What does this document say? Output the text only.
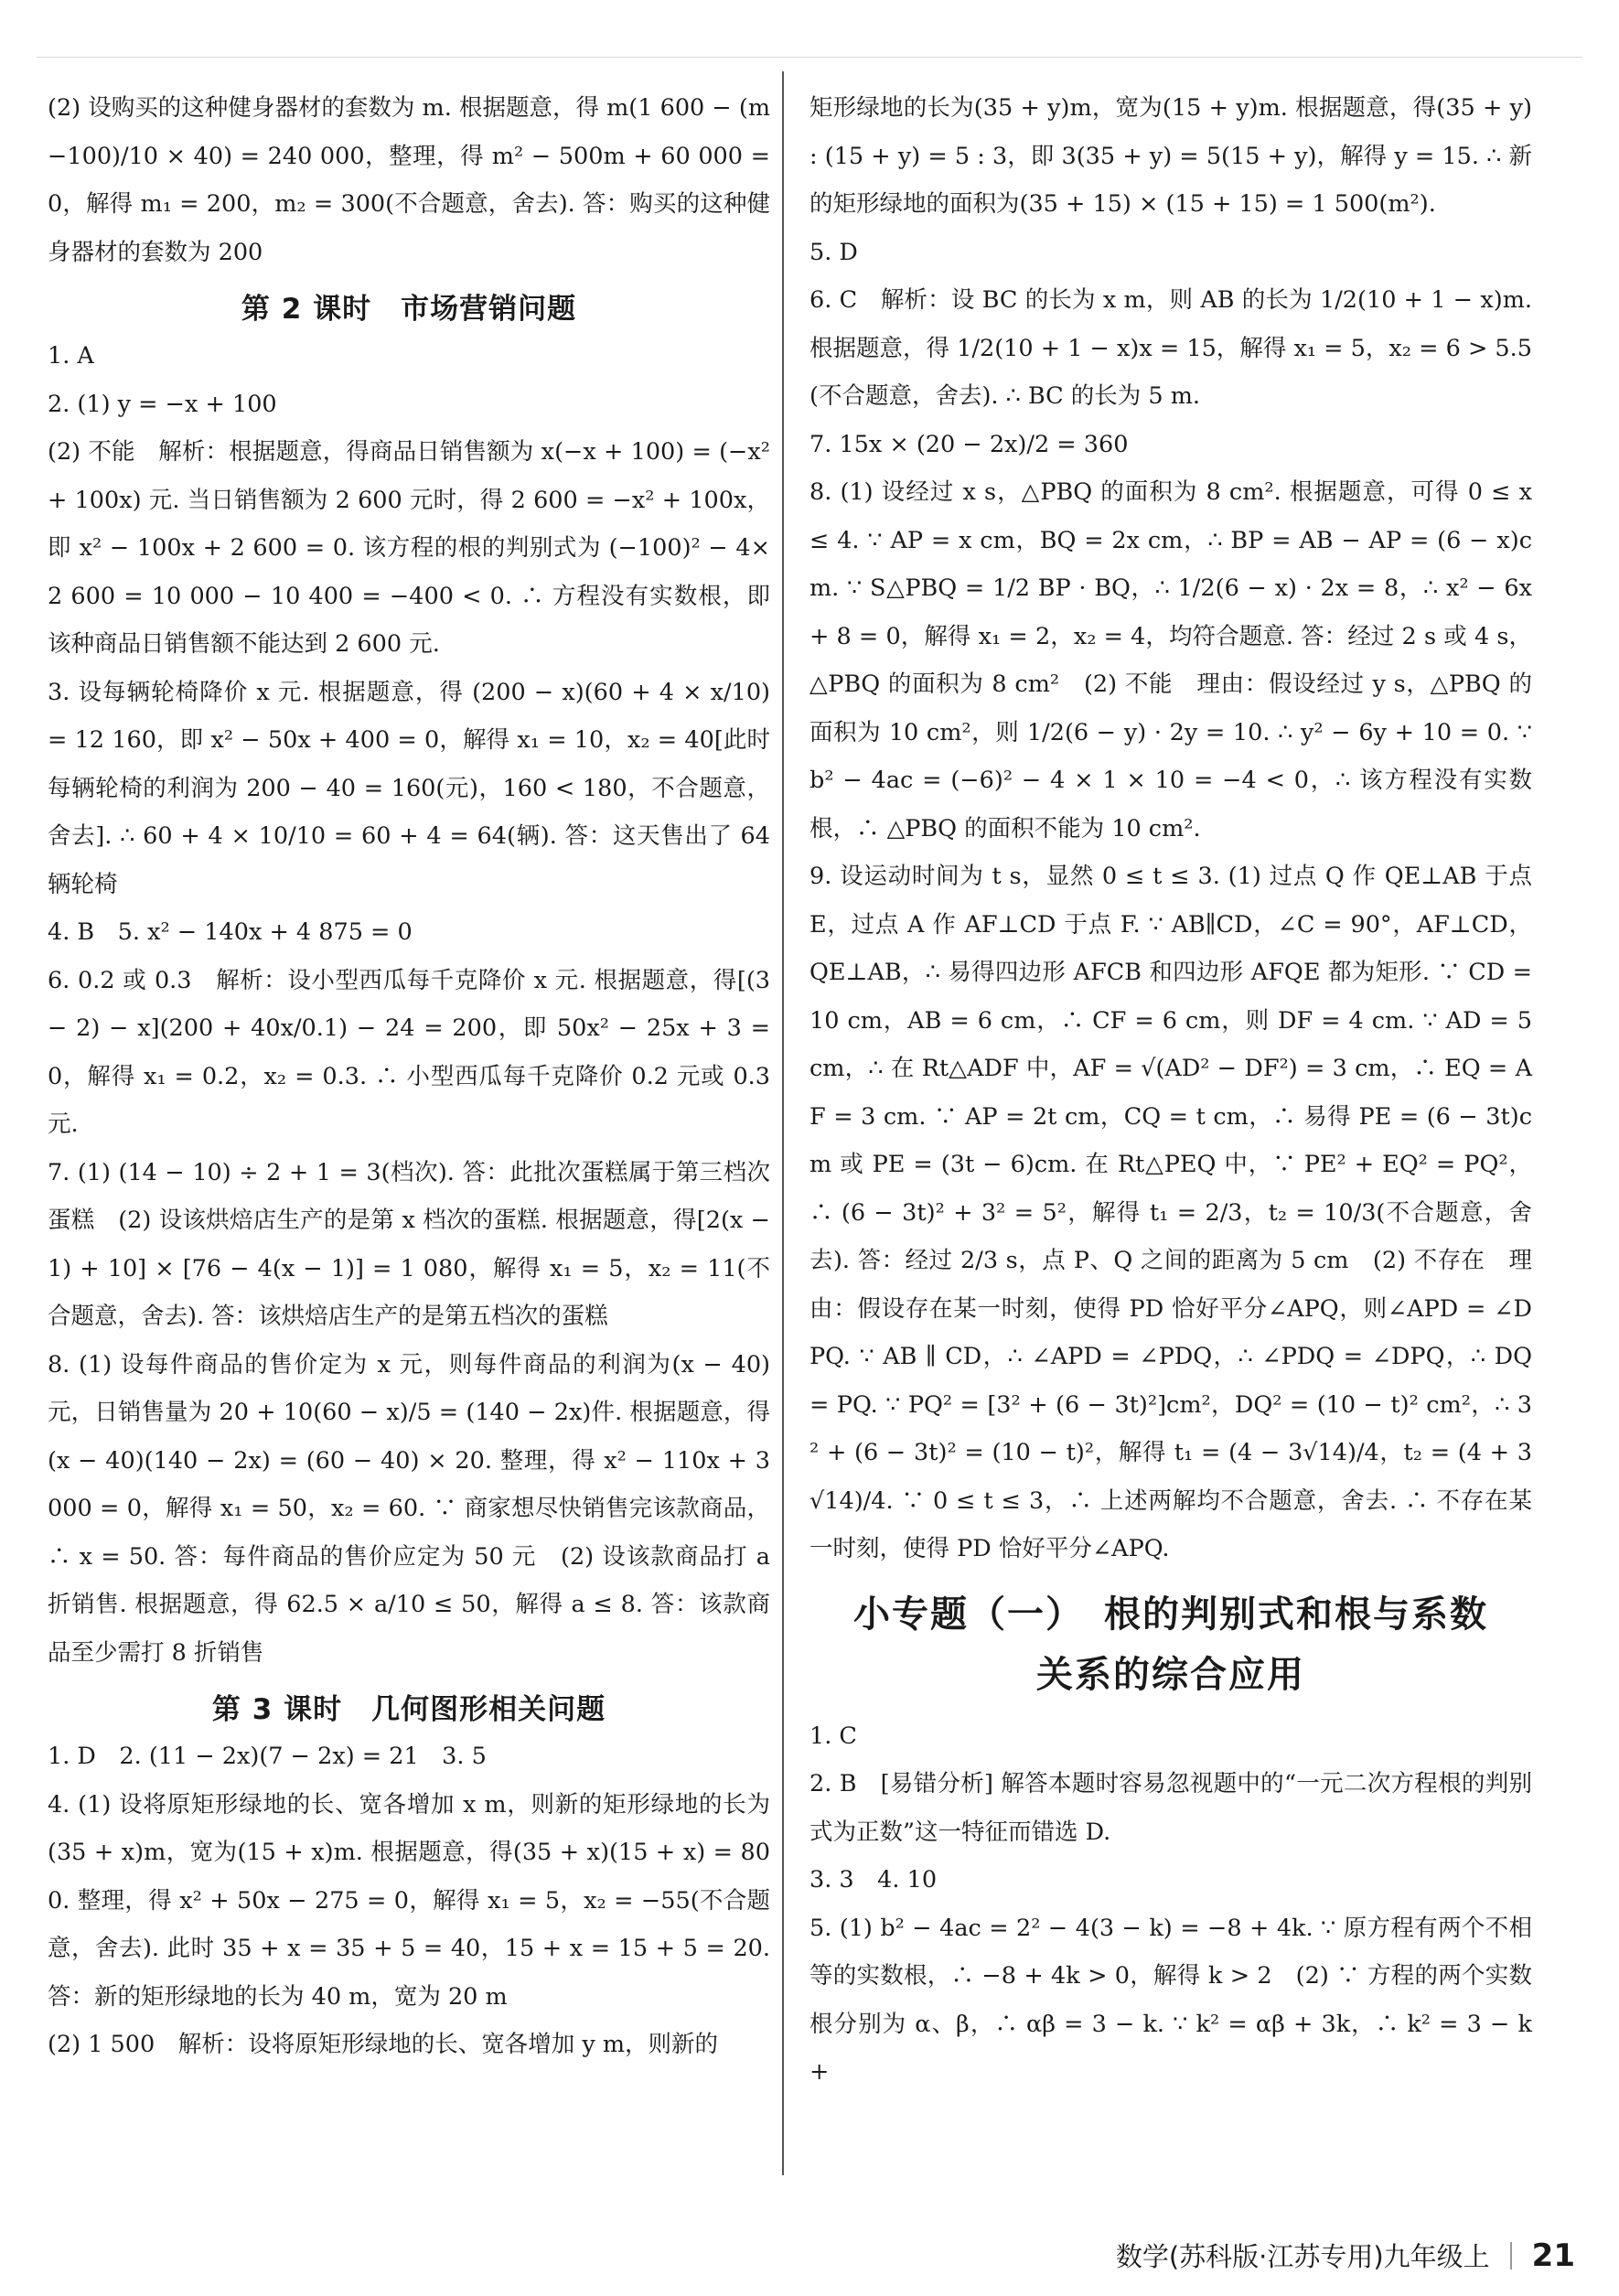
(2) 设购买的这种健身器材的套数为 m. 根据题意，得 m(1 600 − (m−100)/10 × 40) = 240 000，整理，得 m² − 500m + 60 000 = 0，解得 m₁ = 200，m₂ = 300(不合题意，舍去). 答：购买的这种健身器材的套数为 200

第 2 课时　市场营销问题

1. A

2. (1) y = −x + 100

(2) 不能　解析：根据题意，得商品日销售额为 x(−x + 100) = (−x² + 100x) 元. 当日销售额为 2 600 元时，得 2 600 = −x² + 100x，即 x² − 100x + 2 600 = 0. 该方程的根的判别式为 (−100)² − 4×2 600 = 10 000 − 10 400 = −400 < 0. ∴ 方程没有实数根，即该种商品日销售额不能达到 2 600 元.

3. 设每辆轮椅降价 x 元. 根据题意，得 (200 − x)(60 + 4 × x/10) = 12 160，即 x² − 50x + 400 = 0，解得 x₁ = 10，x₂ = 40[此时每辆轮椅的利润为 200 − 40 = 160(元)，160 < 180，不合题意，舍去]. ∴ 60 + 4 × 10/10 = 60 + 4 = 64(辆). 答：这天售出了 64 辆轮椅

4. B　5. x² − 140x + 4 875 = 0

6. 0.2 或 0.3　解析：设小型西瓜每千克降价 x 元. 根据题意，得[(3 − 2) − x](200 + 40x/0.1) − 24 = 200，即 50x² − 25x + 3 = 0，解得 x₁ = 0.2，x₂ = 0.3. ∴ 小型西瓜每千克降价 0.2 元或 0.3 元.

7. (1) (14 − 10) ÷ 2 + 1 = 3(档次). 答：此批次蛋糕属于第三档次蛋糕　(2) 设该烘焙店生产的是第 x 档次的蛋糕. 根据题意，得[2(x − 1) + 10] × [76 − 4(x − 1)] = 1 080，解得 x₁ = 5，x₂ = 11(不合题意，舍去). 答：该烘焙店生产的是第五档次的蛋糕

8. (1) 设每件商品的售价定为 x 元，则每件商品的利润为(x − 40)元，日销售量为 20 + 10(60 − x)/5 = (140 − 2x)件. 根据题意，得(x − 40)(140 − 2x) = (60 − 40) × 20. 整理，得 x² − 110x + 3 000 = 0，解得 x₁ = 50，x₂ = 60. ∵ 商家想尽快销售完该款商品，∴ x = 50. 答：每件商品的售价应定为 50 元　(2) 设该款商品打 a 折销售. 根据题意，得 62.5 × a/10 ≤ 50，解得 a ≤ 8. 答：该款商品至少需打 8 折销售

第 3 课时　几何图形相关问题

1. D　2. (11 − 2x)(7 − 2x) = 21　3. 5

4. (1) 设将原矩形绿地的长、宽各增加 x m，则新的矩形绿地的长为(35 + x)m，宽为(15 + x)m. 根据题意，得(35 + x)(15 + x) = 800. 整理，得 x² + 50x − 275 = 0，解得 x₁ = 5，x₂ = −55(不合题意，舍去). 此时 35 + x = 35 + 5 = 40，15 + x = 15 + 5 = 20. 答：新的矩形绿地的长为 40 m，宽为 20 m

(2) 1 500　解析：设将原矩形绿地的长、宽各增加 y m，则新的

矩形绿地的长为(35 + y)m，宽为(15 + y)m. 根据题意，得(35 + y) : (15 + y) = 5 : 3，即 3(35 + y) = 5(15 + y)，解得 y = 15. ∴ 新的矩形绿地的面积为(35 + 15) × (15 + 15) = 1 500(m²).

5. D

6. C　解析：设 BC 的长为 x m，则 AB 的长为 1/2(10 + 1 − x)m. 根据题意，得 1/2(10 + 1 − x)x = 15，解得 x₁ = 5，x₂ = 6 > 5.5(不合题意，舍去). ∴ BC 的长为 5 m.

7. 15x × (20 − 2x)/2 = 360

8. (1) 设经过 x s，△PBQ 的面积为 8 cm². 根据题意，可得 0 ≤ x ≤ 4. ∵ AP = x cm，BQ = 2x cm，∴ BP = AB − AP = (6 − x)cm. ∵ S△PBQ = 1/2 BP · BQ，∴ 1/2(6 − x) · 2x = 8，∴ x² − 6x + 8 = 0，解得 x₁ = 2，x₂ = 4，均符合题意. 答：经过 2 s 或 4 s，△PBQ 的面积为 8 cm²　(2) 不能　理由：假设经过 y s，△PBQ 的面积为 10 cm²，则 1/2(6 − y) · 2y = 10. ∴ y² − 6y + 10 = 0. ∵ b² − 4ac = (−6)² − 4 × 1 × 10 = −4 < 0，∴ 该方程没有实数根，∴ △PBQ 的面积不能为 10 cm².

9. 设运动时间为 t s，显然 0 ≤ t ≤ 3. (1) 过点 Q 作 QE⊥AB 于点 E，过点 A 作 AF⊥CD 于点 F. ∵ AB∥CD，∠C = 90°，AF⊥CD，QE⊥AB，∴ 易得四边形 AFCB 和四边形 AFQE 都为矩形. ∵ CD = 10 cm，AB = 6 cm，∴ CF = 6 cm，则 DF = 4 cm. ∵ AD = 5 cm，∴ 在 Rt△ADF 中，AF = √(AD² − DF²) = 3 cm，∴ EQ = AF = 3 cm. ∵ AP = 2t cm，CQ = t cm，∴ 易得 PE = (6 − 3t)cm 或 PE = (3t − 6)cm. 在 Rt△PEQ 中，∵ PE² + EQ² = PQ²，∴ (6 − 3t)² + 3² = 5²，解得 t₁ = 2/3，t₂ = 10/3(不合题意，舍去). 答：经过 2/3 s，点 P、Q 之间的距离为 5 cm　(2) 不存在　理由：假设存在某一时刻，使得 PD 恰好平分∠APQ，则∠APD = ∠DPQ. ∵ AB ∥ CD，∴ ∠APD = ∠PDQ，∴ ∠PDQ = ∠DPQ，∴ DQ = PQ. ∵ PQ² = [3² + (6 − 3t)²]cm²，DQ² = (10 − t)² cm²，∴ 3² + (6 − 3t)² = (10 − t)²，解得 t₁ = (4 − 3√14)/4，t₂ = (4 + 3√14)/4. ∵ 0 ≤ t ≤ 3，∴ 上述两解均不合题意，舍去. ∴ 不存在某一时刻，使得 PD 恰好平分∠APQ.

小专题（一）　根的判别式和根与系数
关系的综合应用

1. C

2. B　[易错分析] 解答本题时容易忽视题中的“一元二次方程根的判别式为正数”这一特征而错选 D.

3. 3　4. 10

5. (1) b² − 4ac = 2² − 4(3 − k) = −8 + 4k. ∵ 原方程有两个不相等的实数根，∴ −8 + 4k > 0，解得 k > 2　(2) ∵ 方程的两个实数根分别为 α、β，∴ αβ = 3 − k. ∵ k² = αβ + 3k，∴ k² = 3 − k +

数学(苏科版·江苏专用)九年级上 21
